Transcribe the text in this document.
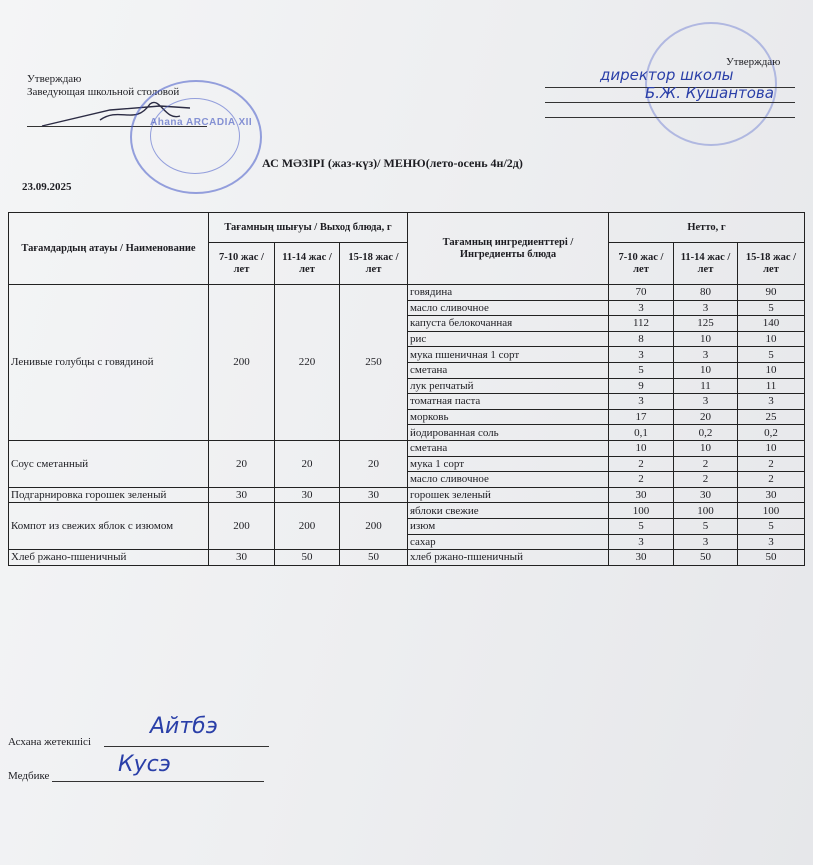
Утверждаю
Заведующая школьной столовой
Ahana ARCADIA XII
Утверждаю
директор школы
Б.Ж. Кушантова
АС МӘЗІРІ (жаз-күз)/ МЕНЮ(лето-осень 4н/2д)
23.09.2025
Тағамдардың атауы / Наименование	Тағамның шығуы / Выход блюда, г			Тағамның ингредиенттері / Ингредиенты блюда	Нетто, г		
	7-10 жас / лет	11-14 жас / лет	15-18 жас / лет		7-10 жас / лет	11-14 жас / лет	15-18 жас / лет
Ленивые голубцы с говядиной	200	220	250	говядина	70	80	90
				масло сливочное	3	3	5
				капуста белокочанная	112	125	140
				рис	8	10	10
				мука пшеничная 1 сорт	3	3	5
				сметана	5	10	10
				лук репчатый	9	11	11
				томатная паста	3	3	3
				морковь	17	20	25
				йодированная соль	0,1	0,2	0,2
Соус сметанный	20	20	20	сметана	10	10	10
				мука 1 сорт	2	2	2
				масло сливочное	2	2	2
Подгарнировка горошек зеленый	30	30	30	горошек зеленый	30	30	30
Компот из свежих яблок с изюмом	200	200	200	яблоки свежие	100	100	100
				изюм	5	5	5
				сахар	3	3	3
Хлеб ржано-пшеничный	30	50	50	хлеб ржано-пшеничный	30	50	50
Асхана жетекшісі
Айтбэ
Медбике	Кусэ
